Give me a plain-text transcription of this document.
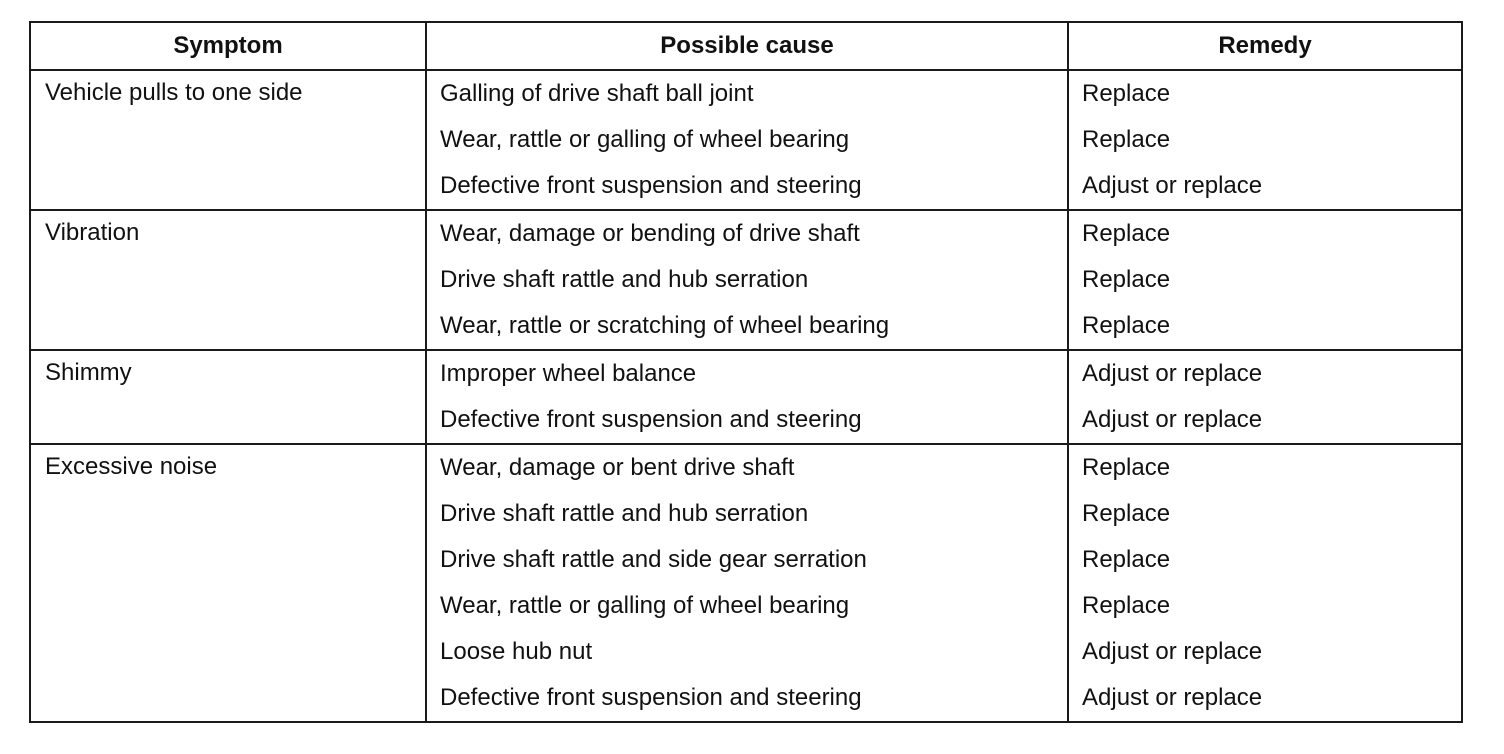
Symptom	Possible cause	Remedy
Vehicle pulls to one side	Galling of drive shaft ball joint	Replace
	Wear, rattle or galling of wheel bearing	Replace
	Defective front suspension and steering	Adjust or replace
Vibration	Wear, damage or bending of drive shaft	Replace
	Drive shaft rattle and hub serration	Replace
	Wear, rattle or scratching of wheel bearing	Replace
Shimmy	Improper wheel balance	Adjust or replace
	Defective front suspension and steering	Adjust or replace
Excessive noise	Wear, damage or bent drive shaft	Replace
	Drive shaft rattle and hub serration	Replace
	Drive shaft rattle and side gear serration	Replace
	Wear, rattle or galling of wheel bearing	Replace
	Loose hub nut	Adjust or replace
	Defective front suspension and steering	Adjust or replace
